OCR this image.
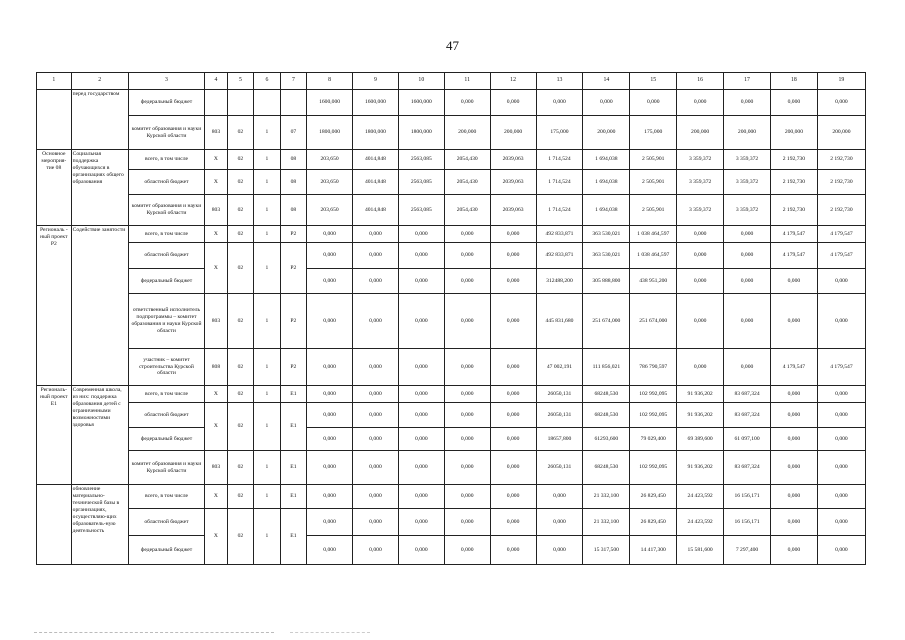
47
1	2	3	4	5	6	7	8	9	10	11	12	13	14	15	16	17	18	19
	перед государством	федеральный бюджет					1600,000	1600,000	1600,000	0,000	0,000	0,000	0,000	0,000	0,000	0,000	0,000	0,000
		комитет образования и науки Курской области	803	02	1	07	1800,000	1800,000	1800,000	200,000	200,000	175,000	200,000	175,000	200,000	200,000	200,000	200,000
Основное мероприя-тие 08	Социальная поддержка обучающихся в организациях общего образования	всего, в том числе	Х	02	1	08	203,650	4014,848	2563,085	2054,430	2039,063	1 714,524	1 694,038	2 505,901	3 359,372	3 359,372	2 192,730	2 192,730
		областной бюджет	Х	02	1	08	203,650	4014,848	2563,085	2054,430	2039,063	1 714,524	1 694,038	2 505,901	3 359,372	3 359,372	2 192,730	2 192,730
		комитет образования и науки Курской области	803	02	1	08	203,650	4014,848	2563,085	2054,430	2039,063	1 714,524	1 694,038	2 505,901	3 359,372	3 359,372	2 192,730	2 192,730
Региональ - ный проект Р2	Содействие занятости	всего, в том числе	Х	02	1	Р2	0,000	0,000	0,000	0,000	0,000	492 833,871	363 530,021	1 038 464,597	0,000	0,000	4 179,547	4 179,547
		областной бюджет	Х	02	1	Р2	0,000	0,000	0,000	0,000	0,000	492 833,871	363 530,021	1 038 464,597	0,000	0,000	4 179,547	4 179,547
		федеральный бюджет					0,000	0,000	0,000	0,000	0,000	312488,200	305 888,800	438 951,200	0,000	0,000	0,000	0,000
		ответственный исполнитель подпрограммы – комитет образования и науки Курской области	803	02	1	Р2	0,000	0,000	0,000	0,000	0,000	445 831,680	251 674,000	251 674,000	0,000	0,000	0,000	0,000
		участник – комитет строительства Курской области	808	02	1	Р2	0,000	0,000	0,000	0,000	0,000	47 002,191	111 856,021	786 790,597	0,000	0,000	4 179,547	4 179,547
Региональ- ный проект Е1	Современная школа, из них: поддержка образования детей с ограниченными возможностями здоровья	всего, в том числе	Х	02	1	Е1	0,000	0,000	0,000	0,000	0,000	26050,131	68248,530	102 992,095	91 936,202	83 687,324	0,000	0,000
		областной бюджет	Х	02	1	Е1	0,000	0,000	0,000	0,000	0,000	26050,131	68248,530	102 992,095	91 936,202	83 687,324	0,000	0,000
		федеральный бюджет					0,000	0,000	0,000	0,000	0,000	18657,800	61293,600	79 029,400	69 389,600	61 097,100	0,000	0,000
		комитет образования и науки Курской области	803	02	1	Е1	0,000	0,000	0,000	0,000	0,000	26050,131	68248,530	102 992,095	91 936,202	83 687,324	0,000	0,000
	обновление материально-технической базы в организациях, осуществляю-щих образователь-ную деятельность	всего, в том числе	Х	02	1	Е1	0,000	0,000	0,000	0,000	0,000	0,000	21 332,100	26 829,450	24 423,592	16 156,171	0,000	0,000
		областной бюджет	Х	02	1	Е1	0,000	0,000	0,000	0,000	0,000	0,000	21 332,100	26 829,450	24 423,592	16 156,171	0,000	0,000
		федеральный бюджет					0,000	0,000	0,000	0,000	0,000	0,000	15 317,500	14 417,300	15 581,600	7 297,400	0,000	0,000
